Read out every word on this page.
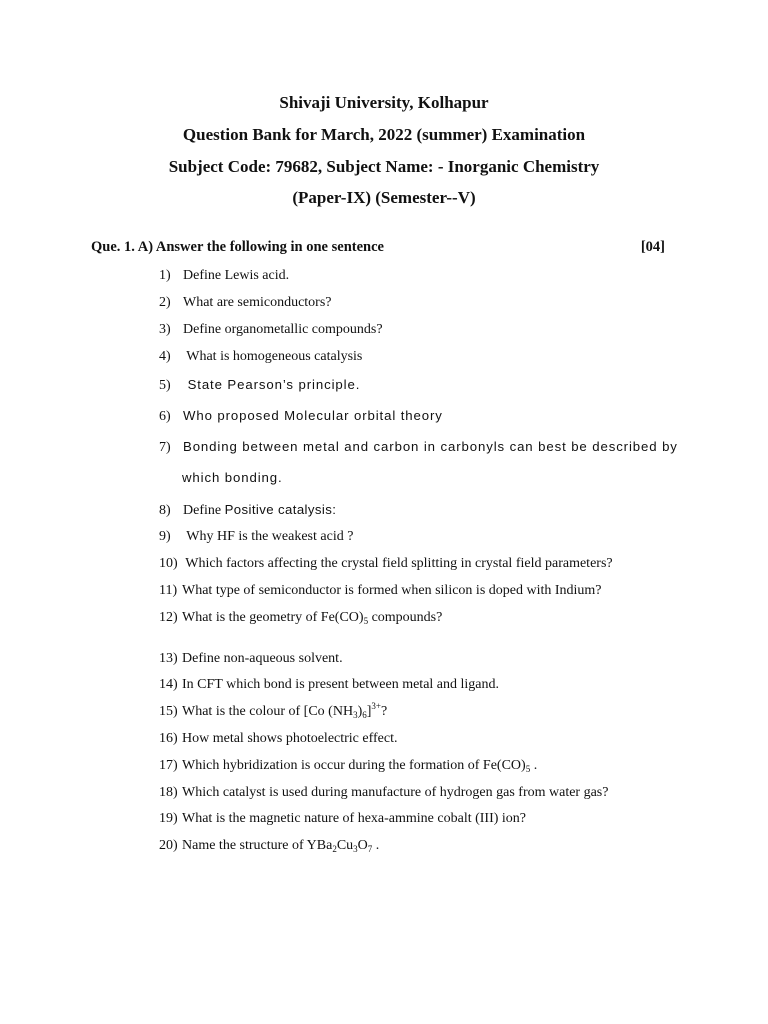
Shivaji University, Kolhapur
Question Bank for March, 2022 (summer) Examination
Subject Code: 79682, Subject Name: - Inorganic Chemistry
(Paper-IX) (Semester--V)
Que. 1. A) Answer the following in one sentence	[04]
1) Define Lewis acid.
2) What are semiconductors?
3) Define organometallic compounds?
4) What is homogeneous catalysis
5) State Pearson’s principle.
6) Who proposed Molecular orbital theory
7) Bonding between metal and carbon in carbonyls can best be described by
which bonding.
8) Define Positive catalysis:
9) Why HF is the weakest acid ?
10) Which factors affecting the crystal field splitting in crystal field parameters?
11) What type of semiconductor is formed when silicon is doped with Indium?
12) What is the geometry of $Fe(CO)_5$ compounds?
13) Define non-aqueous solvent.
14) In CFT which bond is present between metal and ligand.
15) What is the colour of [Co $(NH_3)_6]^{3+}$?
16) How metal shows photoelectric effect.
17) Which hybridization is occur during the formation of $Fe(CO)_5$ .
18) Which catalyst is used during manufacture of hydrogen gas from water gas?
19) What is the magnetic nature of hexa-ammine cobalt (III) ion?
20) Name the structure of $YBa_2Cu_3O_7$ .
